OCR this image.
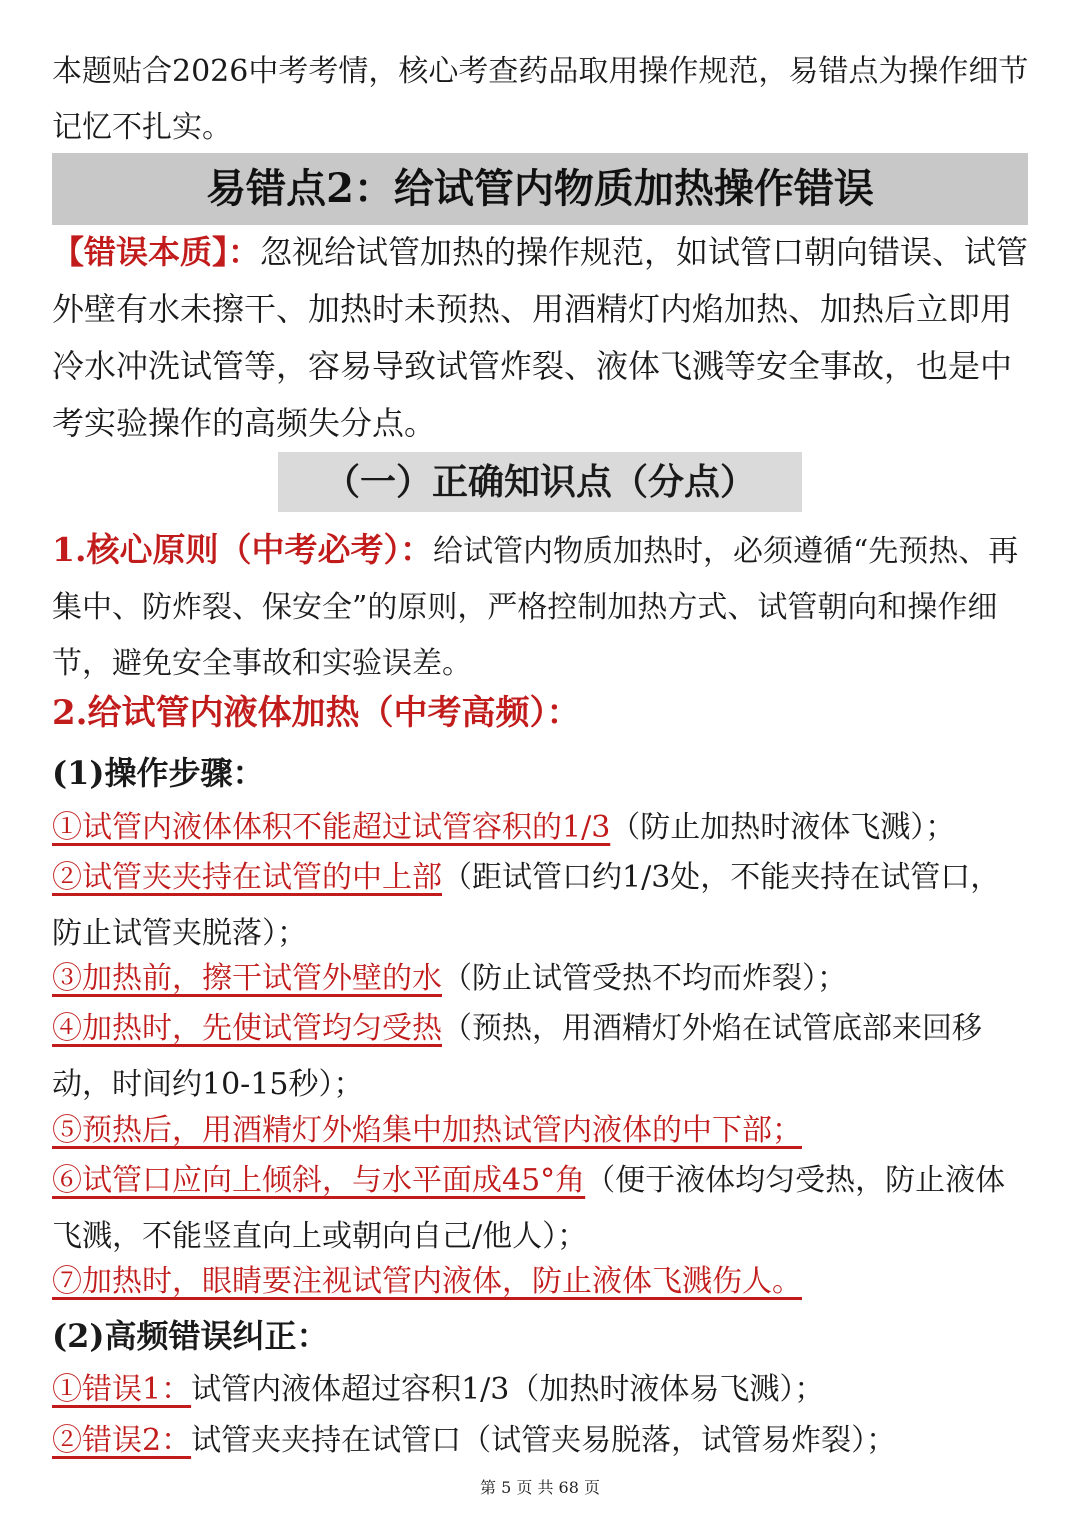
本题贴合2026中考考情，核心考查药品取用操作规范，易错点为操作细节记忆不扎实。

易错点2：给试管内物质加热操作错误

【错误本质】：忽视给试管加热的操作规范，如试管口朝向错误、试管外壁有水未擦干、加热时未预热、用酒精灯内焰加热、加热后立即用冷水冲洗试管等，容易导致试管炸裂、液体飞溅等安全事故，也是中考实验操作的高频失分点。

（一）正确知识点（分点）

1.核心原则（中考必考）：给试管内物质加热时，必须遵循“先预热、再集中、防炸裂、保安全”的原则，严格控制加热方式、试管朝向和操作细节，避免安全事故和实验误差。

2.给试管内液体加热（中考高频）：

(1)操作步骤：

①试管内液体体积不能超过试管容积的1/3（防止加热时液体飞溅）；

②试管夹夹持在试管的中上部（距试管口约1/3处，不能夹持在试管口，防止试管夹脱落）；

③加热前，擦干试管外壁的水（防止试管受热不均而炸裂）；

④加热时，先使试管均匀受热（预热，用酒精灯外焰在试管底部来回移动，时间约10-15秒）；

⑤预热后，用酒精灯外焰集中加热试管内液体的中下部；

⑥试管口应向上倾斜，与水平面成45°角（便于液体均匀受热，防止液体飞溅，不能竖直向上或朝向自己/他人）；

⑦加热时，眼睛要注视试管内液体，防止液体飞溅伤人。

(2)高频错误纠正：

①错误1：试管内液体超过容积1/3（加热时液体易飞溅）；

②错误2：试管夹夹持在试管口（试管夹易脱落，试管易炸裂）；

第 5 页 共 68 页
